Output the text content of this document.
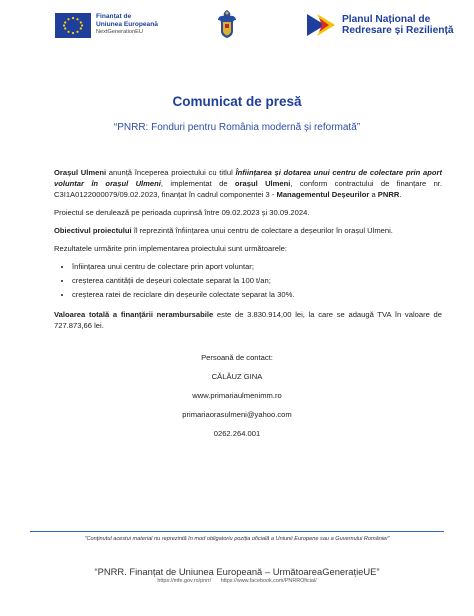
Finanțat de
Uniunea Europeană
NextGenerationEU
Planul Național de
Redresare și Reziliență
Comunicat de presă
“PNRR: Fonduri pentru România modernă și reformată”

Orașul Ulmeni anunță începerea proiectului cu titlul Înființarea și dotarea unui centru de colectare prin aport voluntar în orașul Ulmeni, implementat de orașul Ulmeni, conform contractului de finanțare nr. C3I1A0122000079/09.02.2023, finanțat în cadrul componentei 3 - Managementul Deșeurilor a PNRR.

Proiectul se derulează pe perioada cuprinsă între 09.02.2023 și 30.09.2024.

Obiectivul proiectului îl reprezintă înființarea unui centru de colectare a deșeurilor în orașul Ulmeni.

Rezultatele urmărite prin implementarea proiectului sunt următoarele:

• înființarea unui centru de colectare prin aport voluntar;
• creșterea cantității de deșeuri colectate separat la 100 t/an;
• creșterea ratei de reciclare din deșeurile colectate separat la 30%.

Valoarea totală a finanțării nerambursabile este de 3.830.914,00 lei, la care se adaugă TVA în valoare de 727.873,66 lei.

Persoană de contact:
CĂLĂUZ GINA
www.primariaulmenimm.ro
primariaorasulmeni@yahoo.com
0262.264.001
“Conținutul acestui material nu reprezintă în mod obligatoriu poziția oficială a Uniunii Europene sau a Guvernului României”
“PNRR. Finanțat de Uniunea Europeană – UrmătoareaGenerațieUE”
https://mfe.gov.ro/pnrr/ https://www.facebook.com/PNRROficial/
